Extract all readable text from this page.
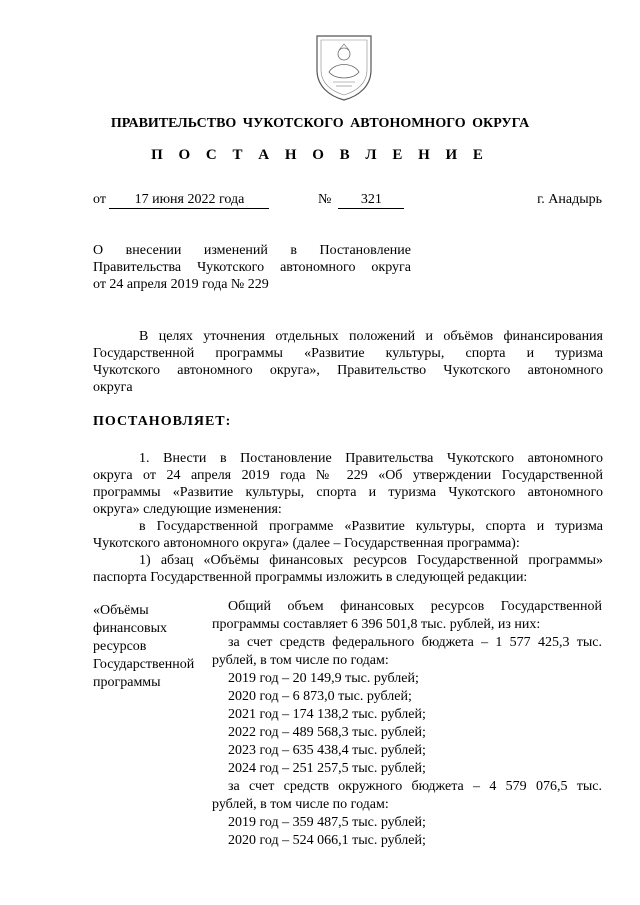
ПРАВИТЕЛЬСТВО ЧУКОТСКОГО АВТОНОМНОГО ОКРУГА
П О С Т А Н О В Л Е Н И Е
от 17 июня 2022 года	№ 321	г. Анадырь
О внесении изменений в Постановление
Правительства Чукотского автономного округа
от 24 апреля 2019 года № 229
В целях уточнения отдельных положений и объёмов финансирования
Государственной программы «Развитие культуры, спорта и туризма
Чукотского автономного округа», Правительство Чукотского автономного
округа
ПОСТАНОВЛЯЕТ:
1. Внести в Постановление Правительства Чукотского автономного
округа от 24 апреля 2019 года № 229 «Об утверждении Государственной
программы «Развитие культуры, спорта и туризма Чукотского автономного
округа» следующие изменения:
в Государственной программе «Развитие культуры, спорта и туризма
Чукотского автономного округа» (далее – Государственная программа):
1) абзац «Объёмы финансовых ресурсов Государственной программы»
паспорта Государственной программы изложить в следующей редакции:
«Объёмы
финансовых
ресурсов
Государственной
программы
Общий объем финансовых ресурсов Государственной
программы составляет 6 396 501,8 тыс. рублей, из них:
за счет средств федерального бюджета – 1 577 425,3 тыс.
рублей, в том числе по годам:
2019 год – 20 149,9 тыс. рублей;
2020 год – 6 873,0 тыс. рублей;
2021 год – 174 138,2 тыс. рублей;
2022 год – 489 568,3 тыс. рублей;
2023 год – 635 438,4 тыс. рублей;
2024 год – 251 257,5 тыс. рублей;
за счет средств окружного бюджета – 4 579 076,5 тыс.
рублей, в том числе по годам:
2019 год – 359 487,5 тыс. рублей;
2020 год – 524 066,1 тыс. рублей;
